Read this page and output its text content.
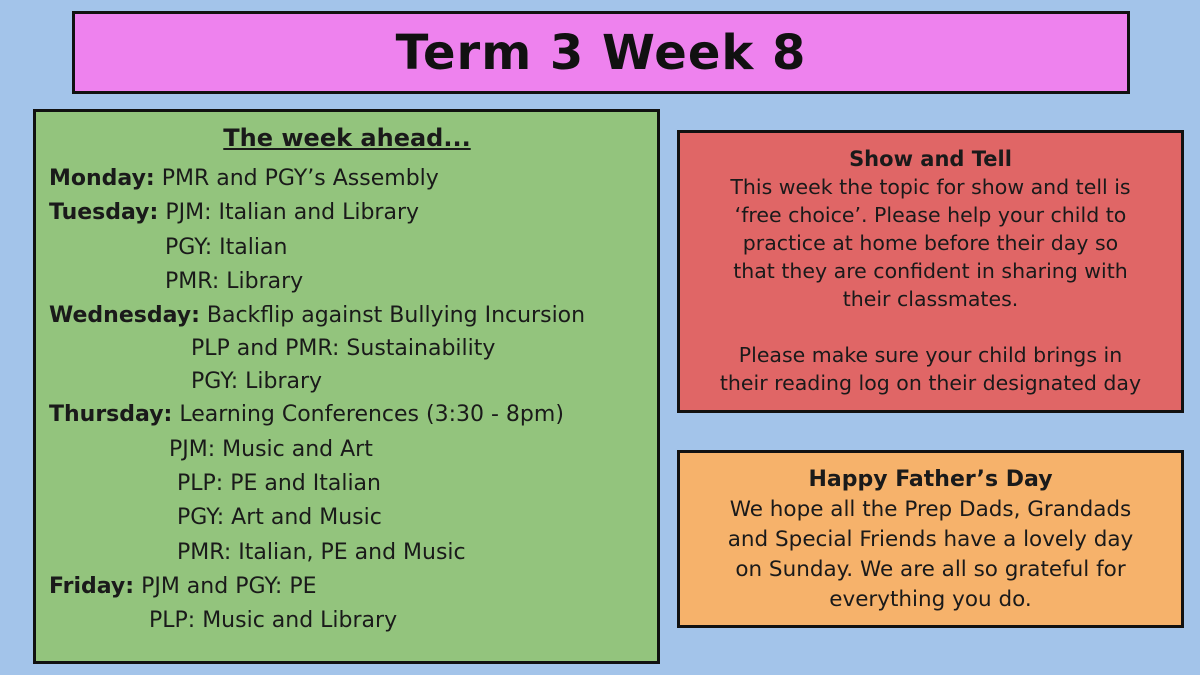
Term 3 Week 8
The week ahead...
Monday: PMR and PGY’s Assembly
Tuesday: PJM: Italian and Library
PGY: Italian
PMR: Library
Wednesday: Backflip against Bullying Incursion
PLP and PMR: Sustainability
PGY: Library
Thursday: Learning Conferences (3:30 - 8pm)
PJM: Music and Art
PLP: PE and Italian
PGY: Art and Music
PMR: Italian, PE and Music
Friday: PJM and PGY: PE
PLP: Music and Library
Show and Tell
This week the topic for show and tell is
‘free choice’. Please help your child to
practice at home before their day so
that they are confident in sharing with
their classmates.
Please make sure your child brings in
their reading log on their designated day
Happy Father’s Day
We hope all the Prep Dads, Grandads
and Special Friends have a lovely day
on Sunday. We are all so grateful for
everything you do.
